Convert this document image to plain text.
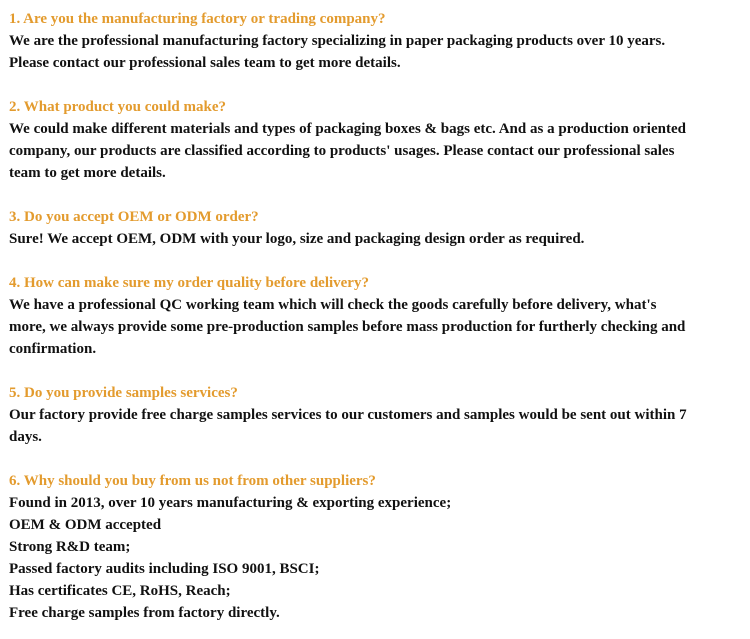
1. Are you the manufacturing factory or trading company?
We are the professional manufacturing factory specializing in paper packaging products over 10 years.
Please contact our professional sales team to get more details.
2. What product you could make?
We could make different materials and types of packaging boxes & bags etc. And as a production oriented
company, our products are classified according to products' usages. Please contact our professional sales
team to get more details.
3. Do you accept OEM or ODM order?
Sure! We accept OEM, ODM with your logo, size and packaging design order as required.
4. How can make sure my order quality before delivery?
We have a professional QC working team which will check the goods carefully before delivery, what's
more, we always provide some pre-production samples before mass production for furtherly checking and
confirmation.
5. Do you provide samples services?
Our factory provide free charge samples services to our customers and samples would be sent out within 7
days.
6. Why should you buy from us not from other suppliers?
Found in 2013, over 10 years manufacturing & exporting experience;
OEM & ODM accepted
Strong R&D team;
Passed factory audits including ISO 9001, BSCI;
Has certificates CE, RoHS, Reach;
Free charge samples from factory directly.
